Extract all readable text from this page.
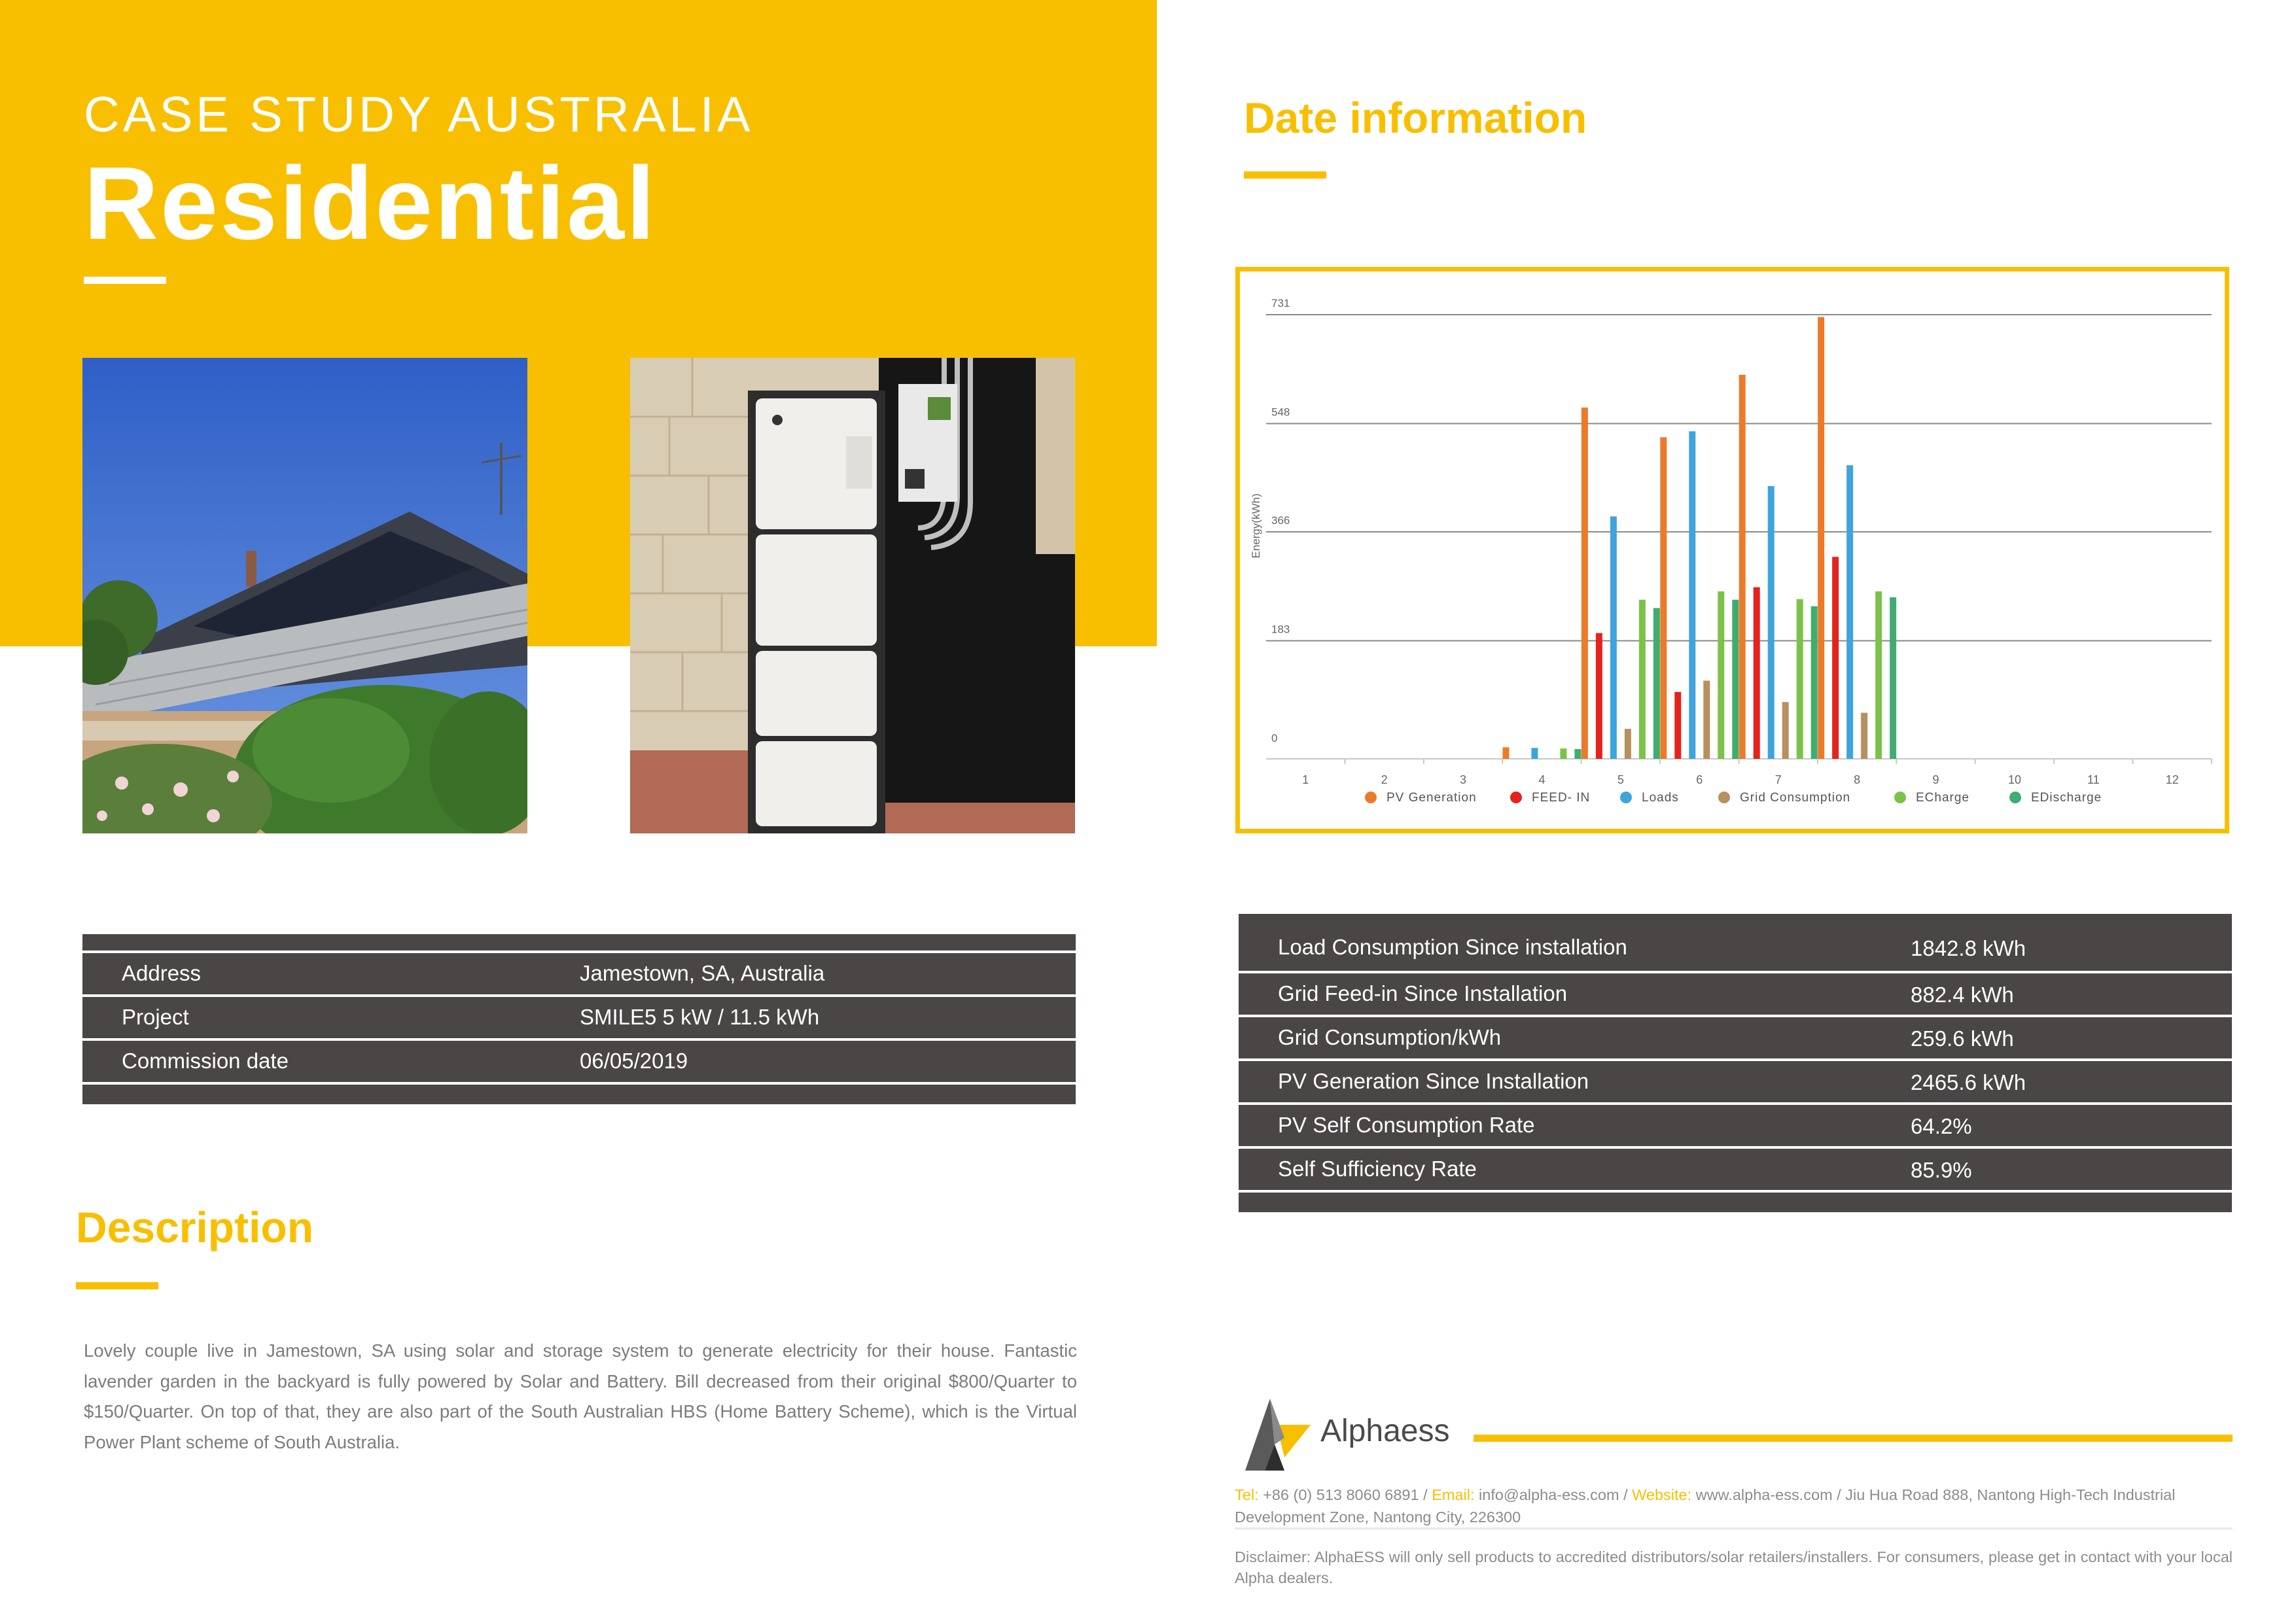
CASE STUDY AUSTRALIA
Residential
Address	Jamestown, SA, Australia
Project	SMILE5 5 kW / 11.5 kWh
Commission date	06/05/2019
Description
Lovely couple live in Jamestown, SA using solar and storage system to generate electricity for their house. Fantastic lavender garden in the backyard is fully powered by Solar and Battery. Bill decreased from their original $800/Quarter to $150/Quarter. On top of that, they are also part of the South Australian HBS (Home Battery Scheme), which is the Virtual Power Plant scheme of South Australia.
Date information
0
183
366
548
731
Energy(kWh)
1	2	3	4	5	6	7	8	9	10	11	12
PV Generation	FEED- IN	Loads	Grid Consumption	ECharge	EDischarge
Load Consumption Since installation	1842.8 kWh
Grid Feed-in Since Installation	882.4 kWh
Grid Consumption/kWh	259.6 kWh
PV Generation Since Installation	2465.6 kWh
PV Self Consumption Rate	64.2%
Self Sufficiency Rate	85.9%
Alphaess
Tel: +86 (0) 513 8060 6891 / Email: info@alpha-ess.com / Website: www.alpha-ess.com / Jiu Hua Road 888, Nantong High-Tech Industrial Development Zone, Nantong City, 226300
Disclaimer: AlphaESS will only sell products to accredited distributors/solar retailers/installers. For consumers, please get in contact with your local Alpha dealers.
